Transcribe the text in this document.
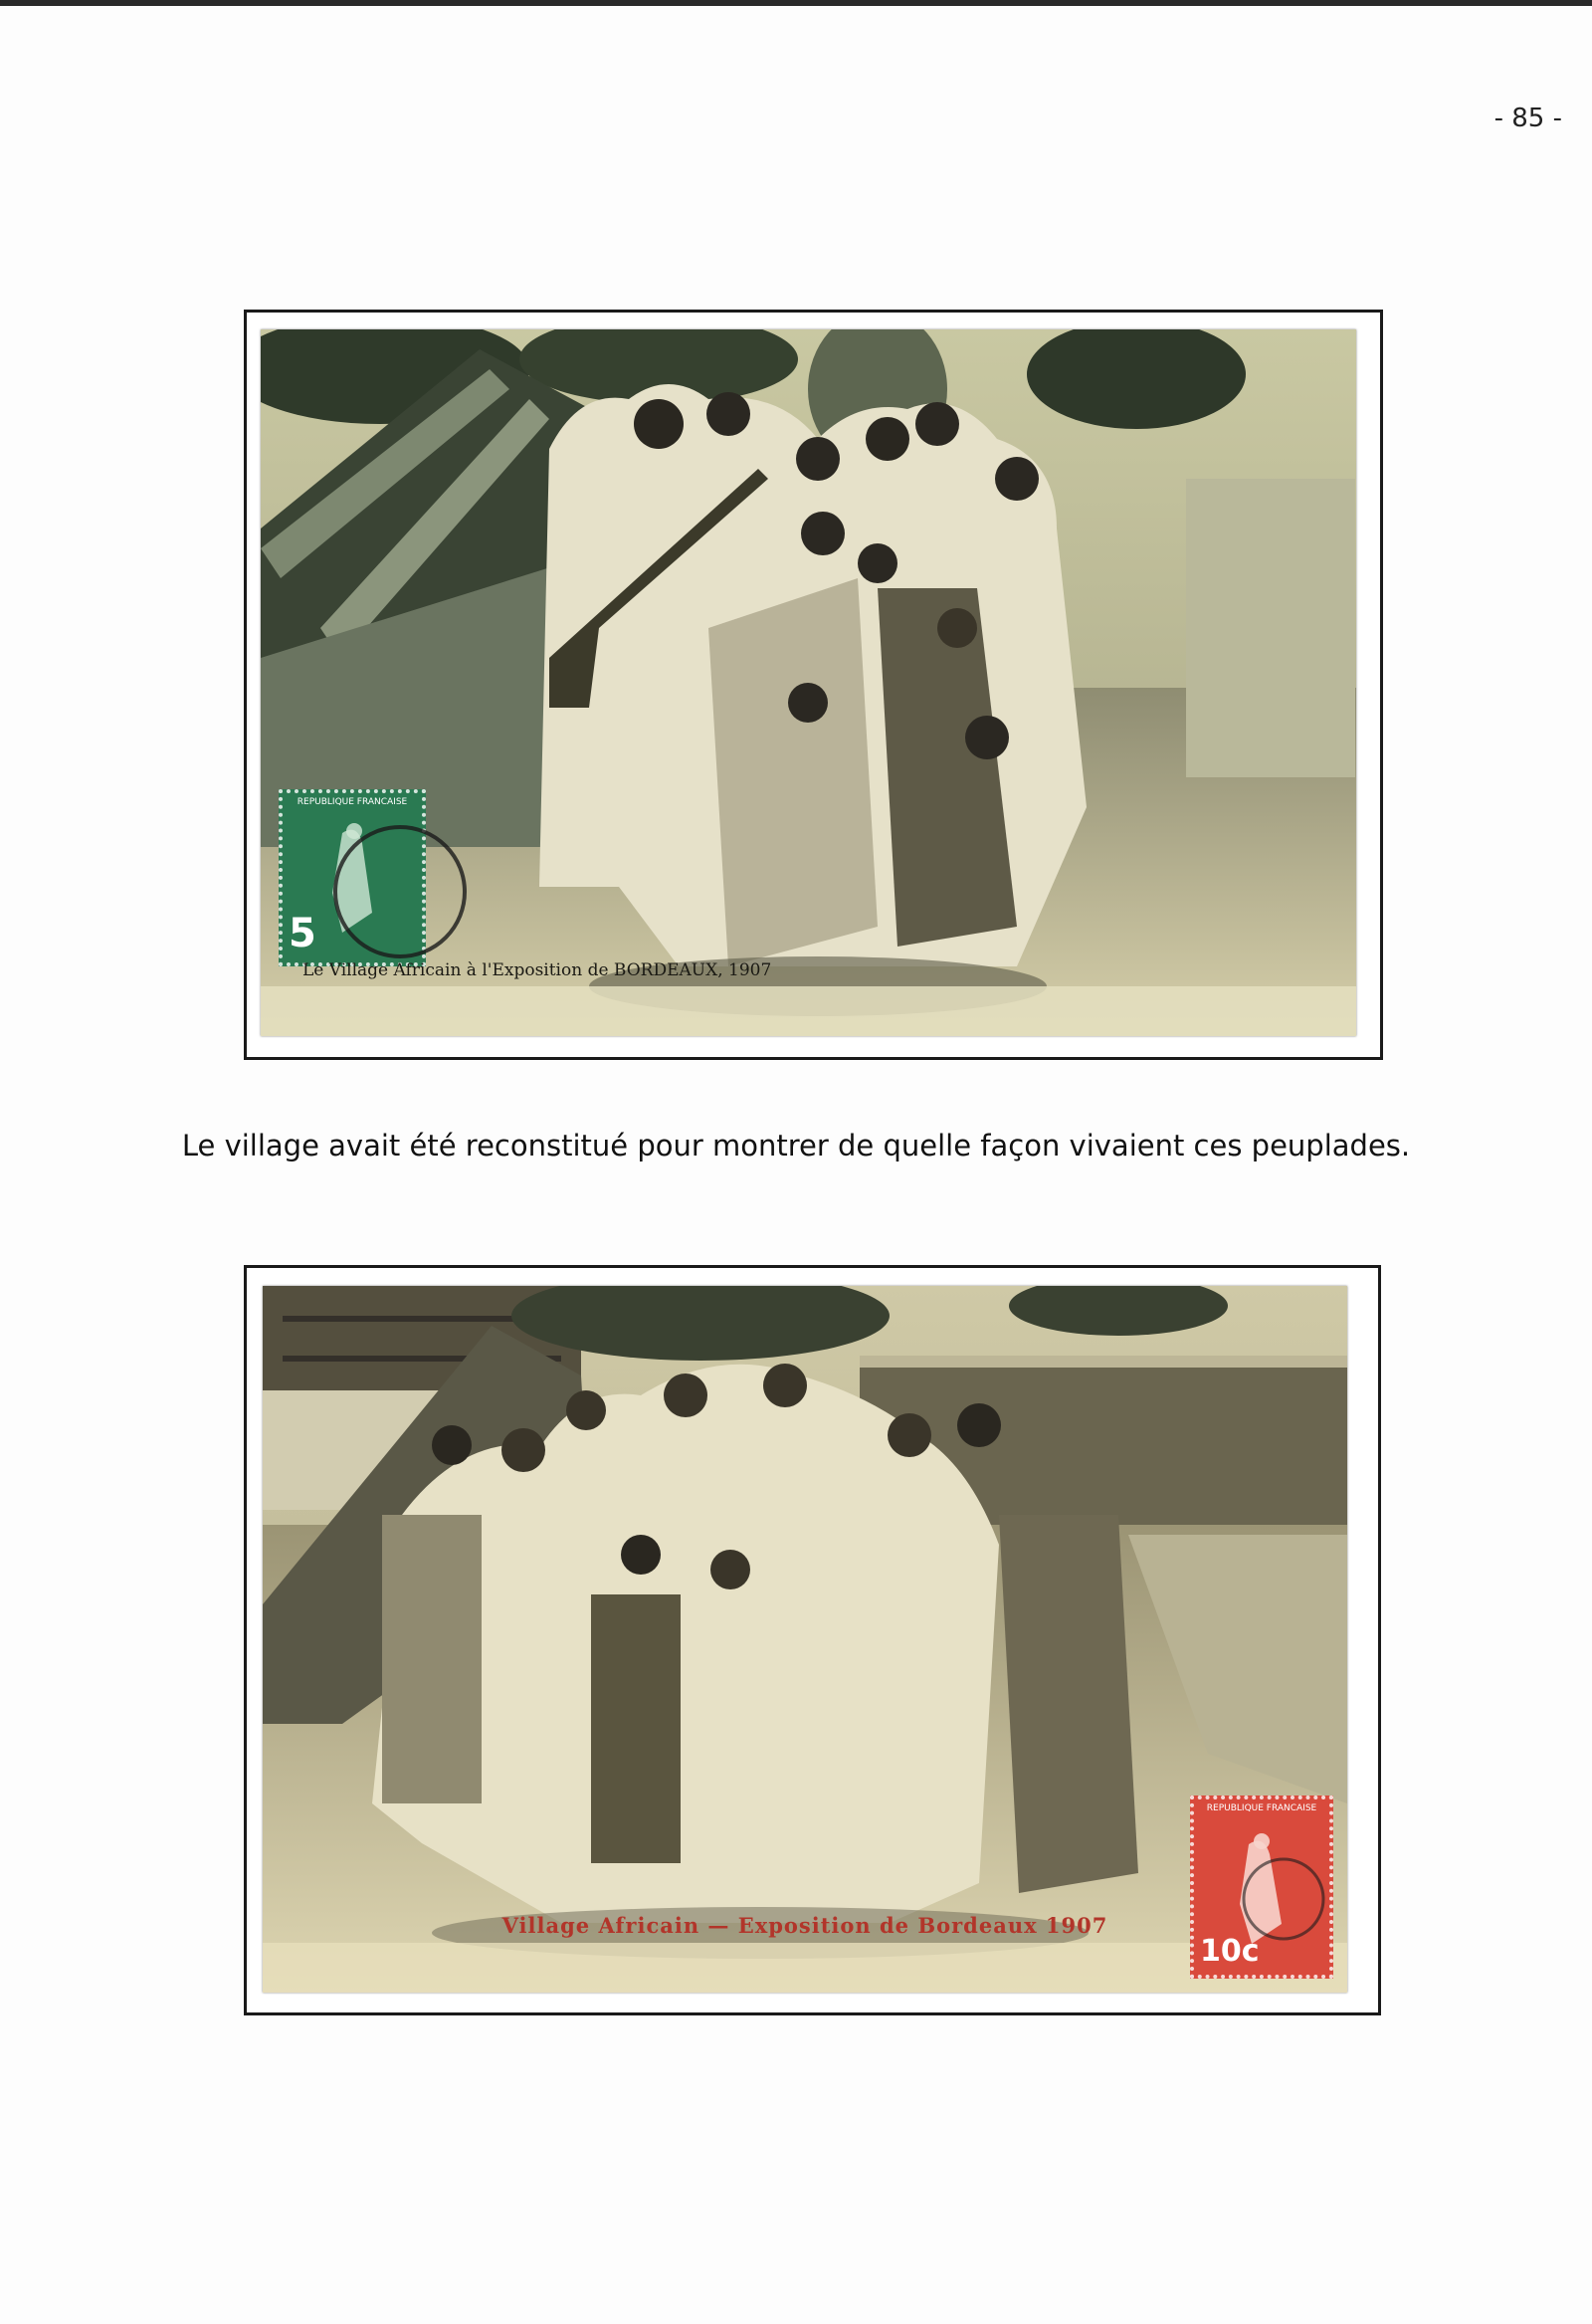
- 85 -
REPUBLIQUE FRANCAISE
5
Le Village Africain à l'Exposition de BORDEAUX, 1907
Le village avait été reconstitué pour montrer de quelle façon vivaient ces peuplades.
REPUBLIQUE FRANCAISE
10c
Village Africain — Exposition de Bordeaux 1907
